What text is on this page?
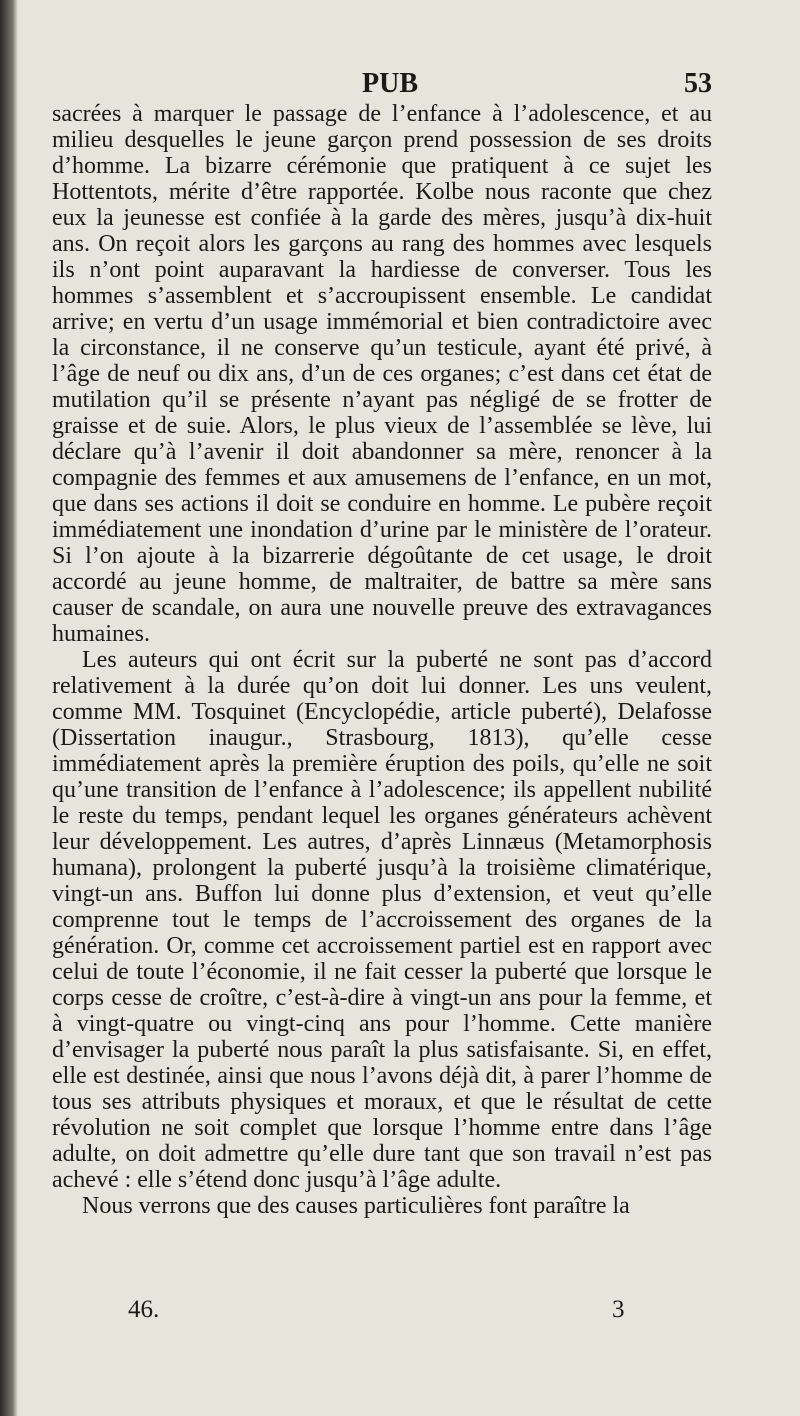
PUB	53

sacrées à marquer le passage de l’enfance à l’adolescence, et au milieu desquelles le jeune garçon prend possession de ses droits d’homme. La bizarre cérémonie que pratiquent à ce sujet les Hottentots, mérite d’être rapportée. Kolbe nous raconte que chez eux la jeunesse est confiée à la garde des mères, jusqu’à dix-huit ans. On reçoit alors les garçons au rang des hommes avec lesquels ils n’ont point auparavant la hardiesse de converser. Tous les hommes s’assemblent et s’accroupissent ensemble. Le candidat arrive; en vertu d’un usage immémorial et bien contradictoire avec la circonstance, il ne conserve qu’un testicule, ayant été privé, à l’âge de neuf ou dix ans, d’un de ces organes; c’est dans cet état de mutilation qu’il se présente n’ayant pas négligé de se frotter de graisse et de suie. Alors, le plus vieux de l’assemblée se lève, lui déclare qu’à l’avenir il doit abandonner sa mère, renoncer à la compagnie des femmes et aux amusemens de l’enfance, en un mot, que dans ses actions il doit se conduire en homme. Le pubère reçoit immédiatement une inondation d’urine par le ministère de l’orateur. Si l’on ajoute à la bizarrerie dégoûtante de cet usage, le droit accordé au jeune homme, de maltraiter, de battre sa mère sans causer de scandale, on aura une nouvelle preuve des extravagances humaines.

Les auteurs qui ont écrit sur la puberté ne sont pas d’accord relativement à la durée qu’on doit lui donner. Les uns veulent, comme MM. Tosquinet (Encyclopédie, article puberté), Delafosse (Dissertation inaugur., Strasbourg, 1813), qu’elle cesse immédiatement après la première éruption des poils, qu’elle ne soit qu’une transition de l’enfance à l’adolescence; ils appellent nubilité le reste du temps, pendant lequel les organes générateurs achèvent leur développement. Les autres, d’après Linnæus (Metamorphosis humana), prolongent la puberté jusqu’à la troisième climatérique, vingt-un ans. Buffon lui donne plus d’extension, et veut qu’elle comprenne tout le temps de l’accroissement des organes de la génération. Or, comme cet accroissement partiel est en rapport avec celui de toute l’économie, il ne fait cesser la puberté que lorsque le corps cesse de croître, c’est-à-dire à vingt-un ans pour la femme, et à vingt-quatre ou vingt-cinq ans pour l’homme. Cette manière d’envisager la puberté nous paraît la plus satisfaisante. Si, en effet, elle est destinée, ainsi que nous l’avons déjà dit, à parer l’homme de tous ses attributs physiques et moraux, et que le résultat de cette révolution ne soit complet que lorsque l’homme entre dans l’âge adulte, on doit admettre qu’elle dure tant que son travail n’est pas achevé : elle s’étend donc jusqu’à l’âge adulte.

Nous verrons que des causes particulières font paraître la

46.	3
